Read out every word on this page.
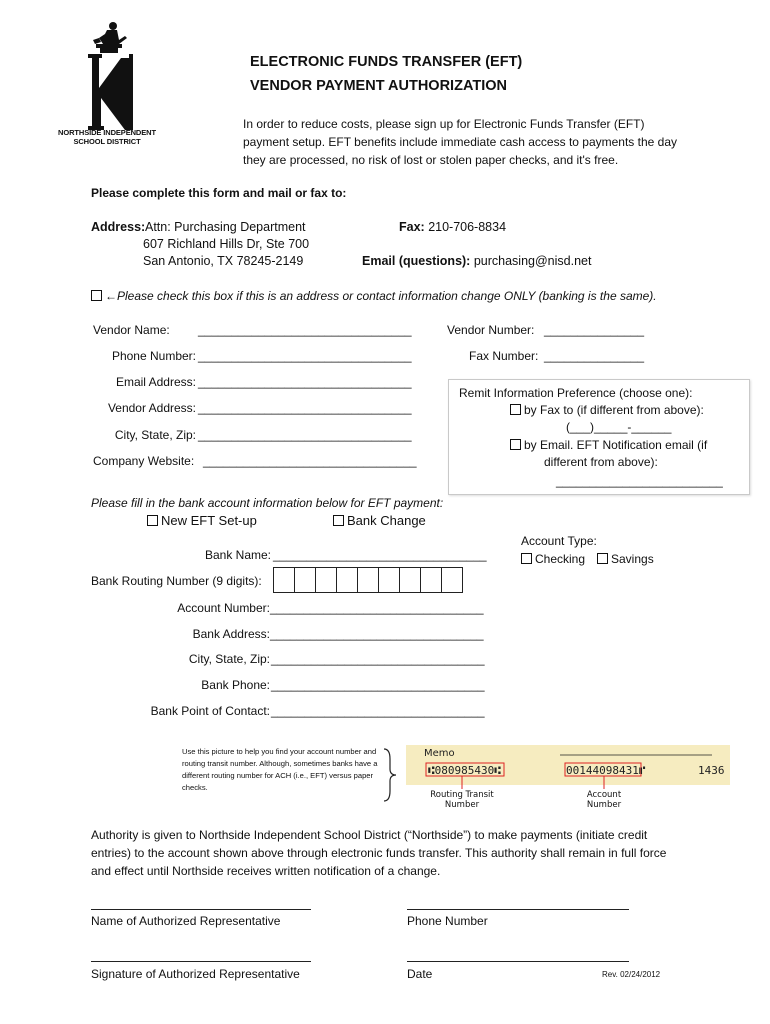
NORTHSIDE INDEPENDENT
SCHOOL DISTRICT
ELECTRONIC FUNDS TRANSFER (EFT)
VENDOR PAYMENT AUTHORIZATION
In order to reduce costs, please sign up for Electronic Funds Transfer (EFT) payment setup. EFT benefits include immediate cash access to payments the day they are processed, no risk of lost or stolen paper checks, and it's free.
Please complete this form and mail or fax to:
Address: Attn: Purchasing Department
607 Richland Hills Dr, Ste 700
San Antonio, TX 78245-2149
Fax: 210-706-8834
Email (questions): purchasing@nisd.net
←Please check this box if this is an address or contact information change ONLY (banking is the same).
Vendor Name: ________________________________	Vendor Number: _______________
Phone Number: ________________________________	Fax Number: _______________
Email Address: ________________________________
Vendor Address: ________________________________
City, State, Zip: ________________________________
Company Website: ________________________________
Remit Information Preference (choose one):
by Fax to (if different from above):
(___)_____-______
by Email. EFT Notification email (if
different from above):
_________________________
Please fill in the bank account information below for EFT payment:
New EFT Set-up	Bank Change
Account Type:
Checking	Savings
Bank Name: ________________________________
Bank Routing Number (9 digits):
Account Number: ________________________________
Bank Address: ________________________________
City, State, Zip: ________________________________
Bank Phone: ________________________________
Bank Point of Contact: ________________________________
Use this picture to help you find your account number and routing transit number. Although, sometimes banks have a different routing number for ACH (i.e., EFT) versus paper checks.
Memo
⑆080985430⑆	00144098431⑈	1436
Routing Transit
Number
Account
Number
Authority is given to Northside Independent School District (“Northside”) to make payments (initiate credit entries) to the account shown above through electronic funds transfer. This authority shall remain in full force and effect until Northside receives written notification of a change.
Name of Authorized Representative	Phone Number
Signature of Authorized Representative	Date	Rev. 02/24/2012
